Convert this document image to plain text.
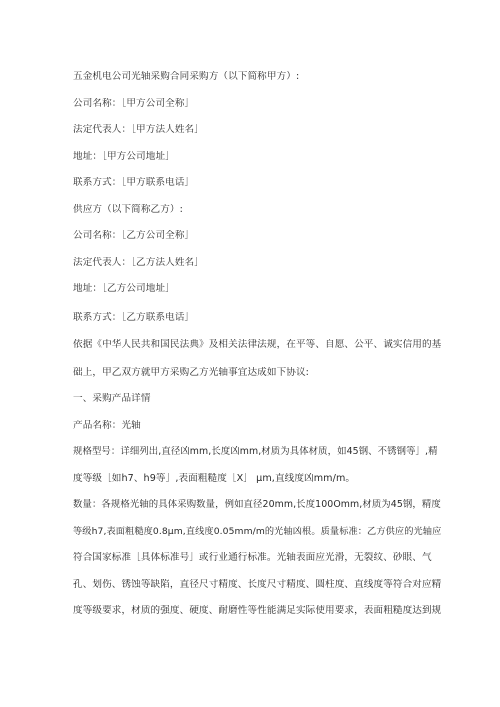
五金机电公司光轴采购合同采购方（以下简称甲方）:
公司名称：［甲方公司全称］
法定代表人：［甲方法人姓名］
地址：［甲方公司地址］
联系方式：［甲方联系电话］
供应方（以下简称乙方）:
公司名称：［乙方公司全称］
法定代表人：［乙方法人姓名］
地址：［乙方公司地址］
联系方式：［乙方联系电话］
依据《中华人民共和国民法典》及相关法律法规，在平等、自愿、公平、诚实信用的基
础上，甲乙双方就甲方采购乙方光轴事宜达成如下协议:
一、采购产品详情
产品名称：光轴
规格型号：详细列出,直径凶mm,长度凶mm,材质为具体材质，如45钢、不锈钢等］,精
度等级［如h7、h9等］,表面粗糙度［X］ μm,直线度凶mm/m。
数量：各规格光轴的具体采购数量，例如直径20mm,长度100Omm,材质为45钢，精度
等级h7,表面粗糙度0.8μm,直线度0.05mm/m的光轴凶根。质量标准：乙方供应的光轴应
符合国家标准［具体标准号］或行业通行标准。光轴表面应光滑，无裂纹、砂眼、气
孔、划伤、锈蚀等缺陷，直径尺寸精度、长度尺寸精度、圆柱度、直线度等符合对应精
度等级要求，材质的强度、硬度、耐磨性等性能满足实际使用要求，表面粗糙度达到规
